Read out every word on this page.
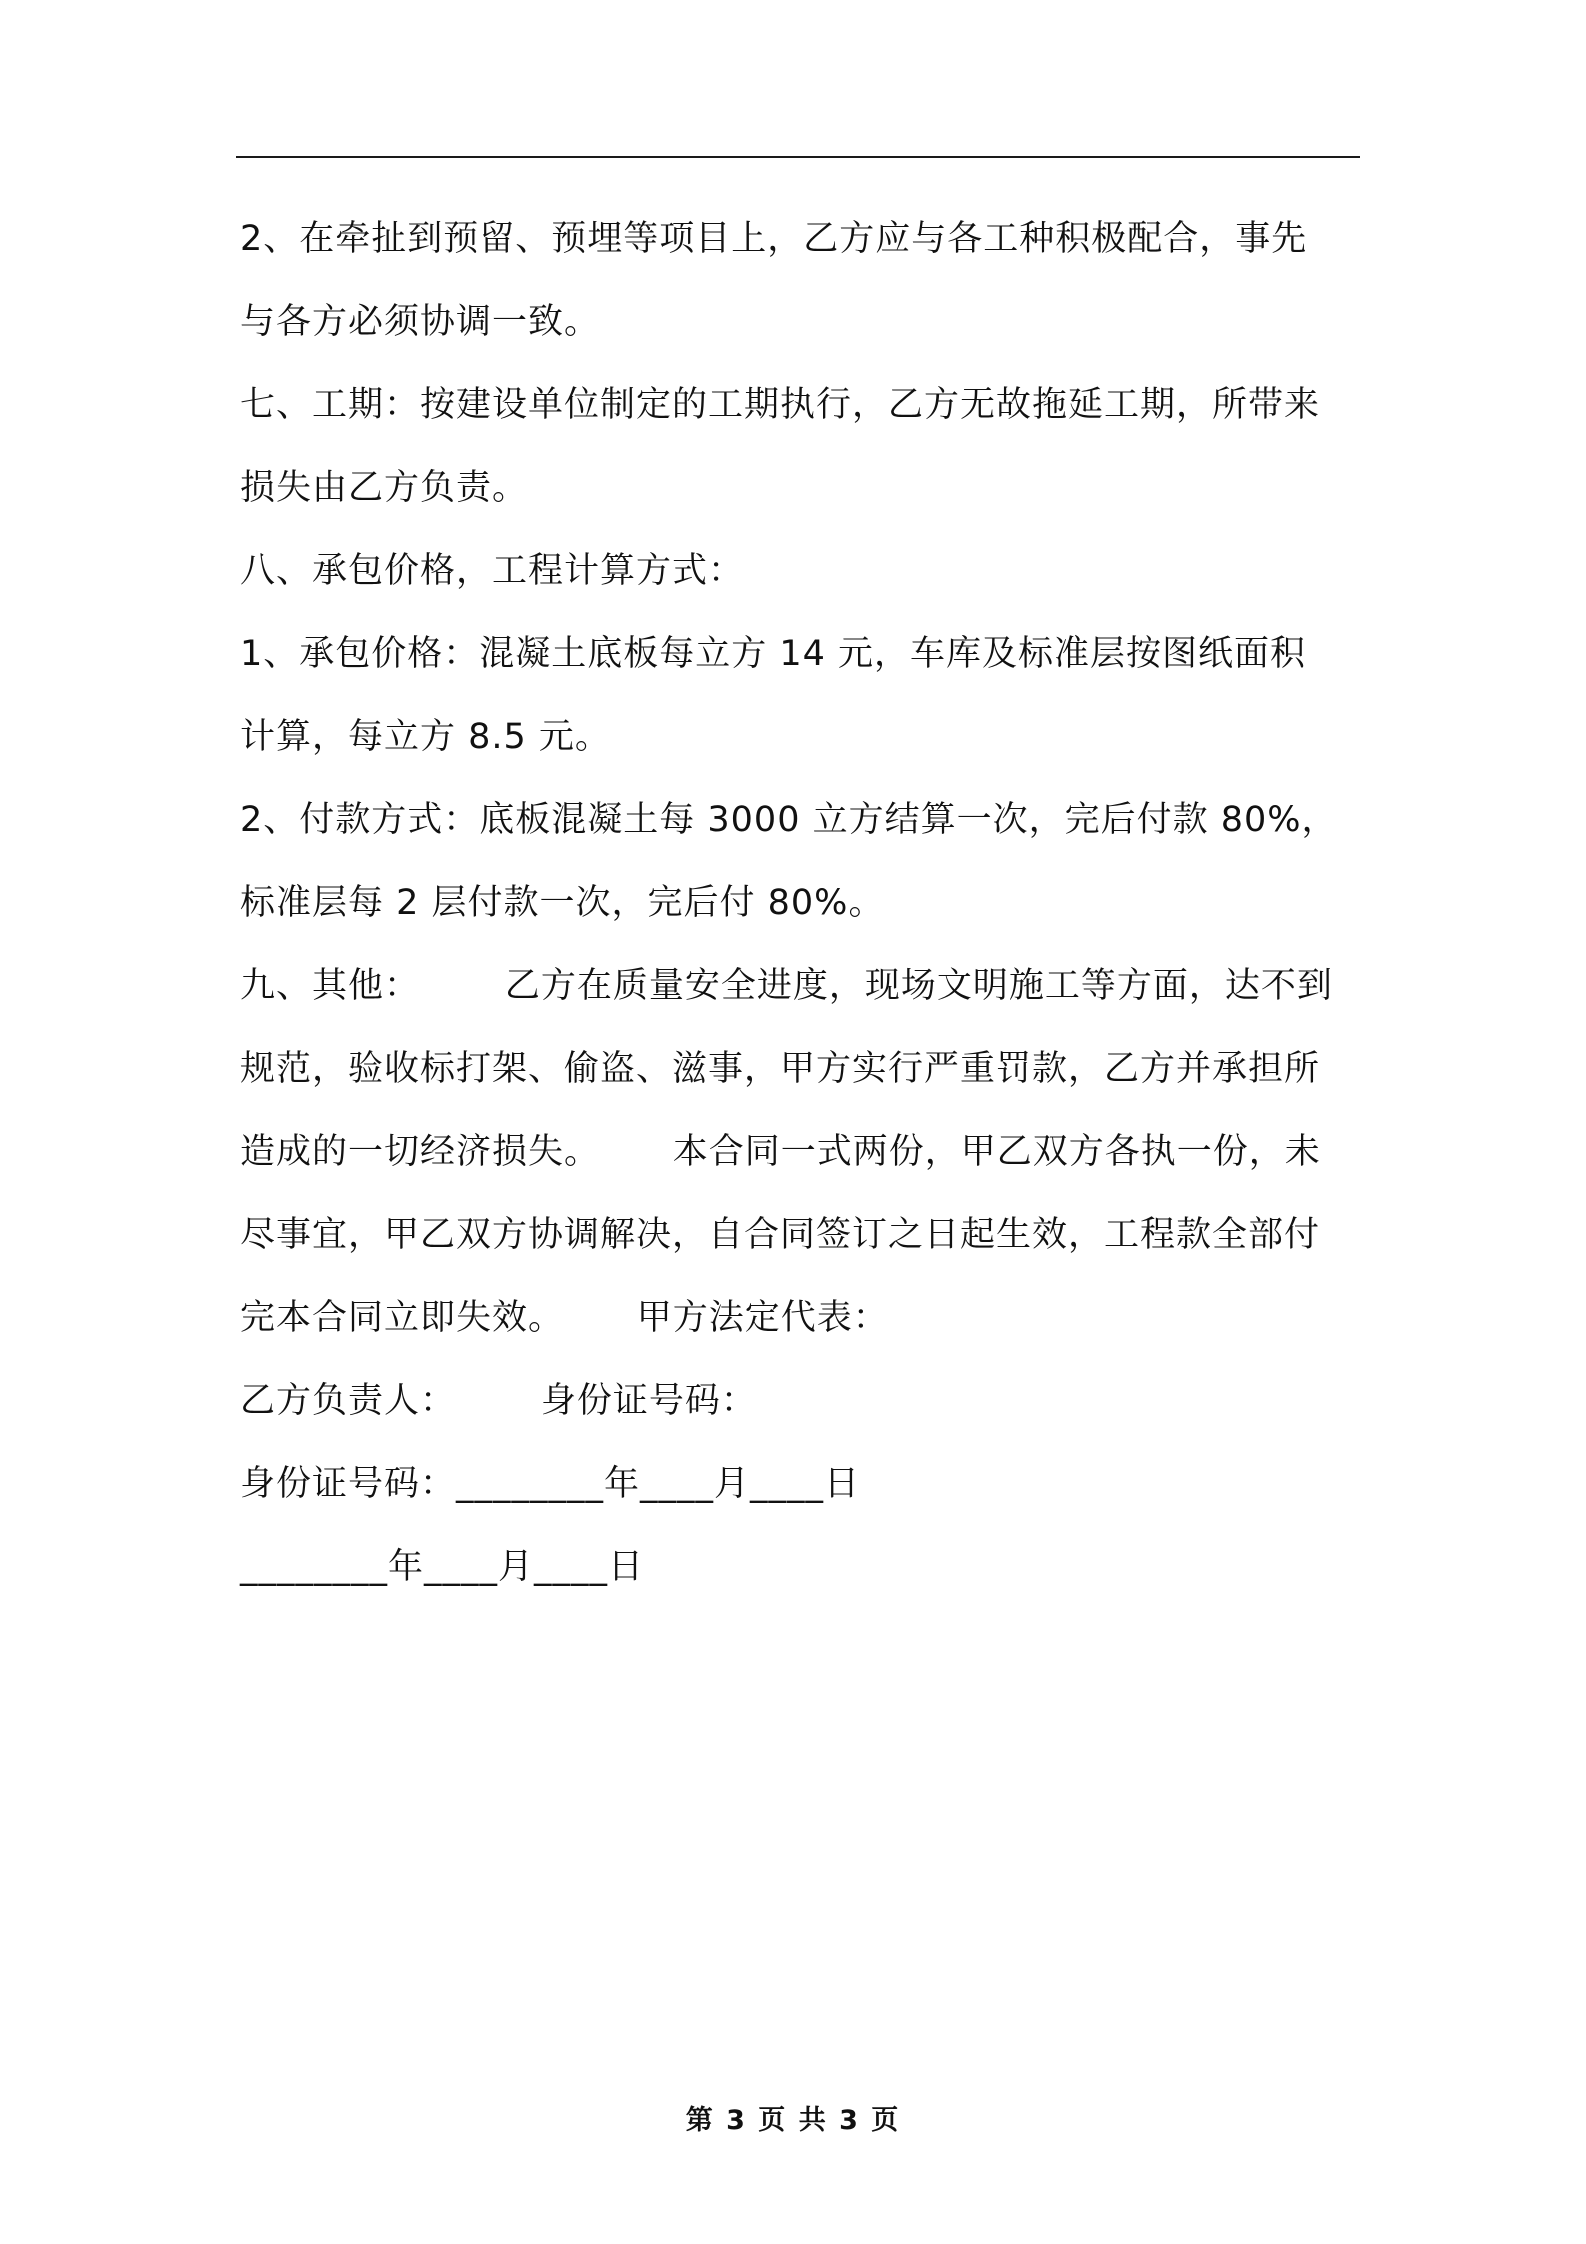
2、在牵扯到预留、预埋等项目上，乙方应与各工种积极配合，事先
与各方必须协调一致。
七、工期：按建设单位制定的工期执行，乙方无故拖延工期，所带来
损失由乙方负责。
八、承包价格，工程计算方式：
1、承包价格：混凝土底板每立方 14 元，车库及标准层按图纸面积
计算，每立方 8.5 元。
2、付款方式：底板混凝土每 3000 立方结算一次，完后付款 80%，
标准层每 2 层付款一次，完后付 80%。
九、其他：       乙方在质量安全进度，现场文明施工等方面，达不到
规范，验收标打架、偷盗、滋事，甲方实行严重罚款，乙方并承担所
造成的一切经济损失。      本合同一式两份，甲乙双方各执一份，未
尽事宜，甲乙双方协调解决，自合同签订之日起生效，工程款全部付
完本合同立即失效。      甲方法定代表：
乙方负责人：       身份证号码：
身份证号码：________年____月____日
________年____月____日
第 3 页 共 3 页
